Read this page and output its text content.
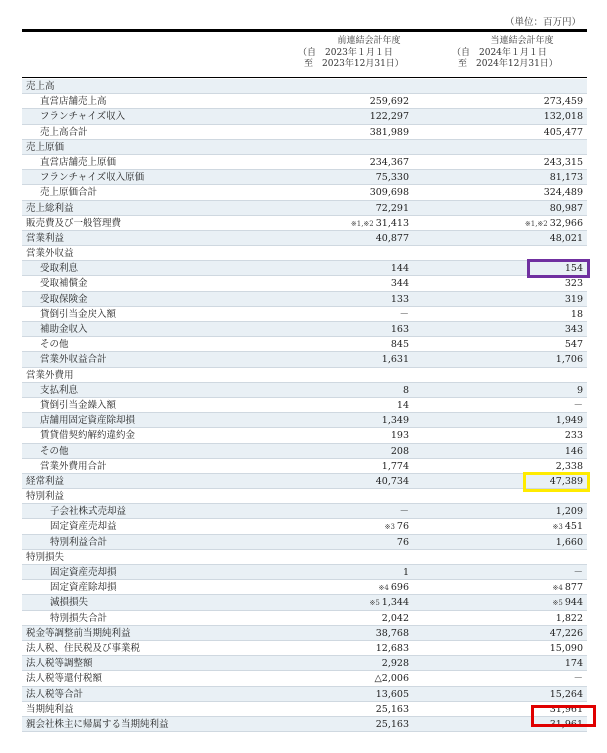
（単位：百万円）
前連結会計年度
（自　2023年１月１日
至　2023年12月31日）
当連結会計年度
（自　2024年１月１日
至　2024年12月31日）
売上高
直営店舗売上高	259,692	273,459
フランチャイズ収入	122,297	132,018
売上高合計	381,989	405,477
売上原価
直営店舗売上原価	234,367	243,315
フランチャイズ収入原価	75,330	81,173
売上原価合計	309,698	324,489
売上総利益	72,291	80,987
販売費及び一般管理費	※1,※2 31,413	※1,※2 32,966
営業利益	40,877	48,021
営業外収益
受取利息	144	154
受取補償金	344	323
受取保険金	133	319
貸倒引当金戻入額	－	18
補助金収入	163	343
その他	845	547
営業外収益合計	1,631	1,706
営業外費用
支払利息	8	9
貸倒引当金繰入額	14	－
店舗用固定資産除却損	1,349	1,949
賃貸借契約解約違約金	193	233
その他	208	146
営業外費用合計	1,774	2,338
経常利益	40,734	47,389
特別利益
子会社株式売却益	－	1,209
固定資産売却益	※3 76	※3 451
特別利益合計	76	1,660
特別損失
固定資産売却損	1	－
固定資産除却損	※4 696	※4 877
減損損失	※5 1,344	※5 944
特別損失合計	2,042	1,822
税金等調整前当期純利益	38,768	47,226
法人税、住民税及び事業税	12,683	15,090
法人税等調整額	2,928	174
法人税等還付税額	△2,006	－
法人税等合計	13,605	15,264
当期純利益	25,163	31,961
親会社株主に帰属する当期純利益	25,163	31,961
